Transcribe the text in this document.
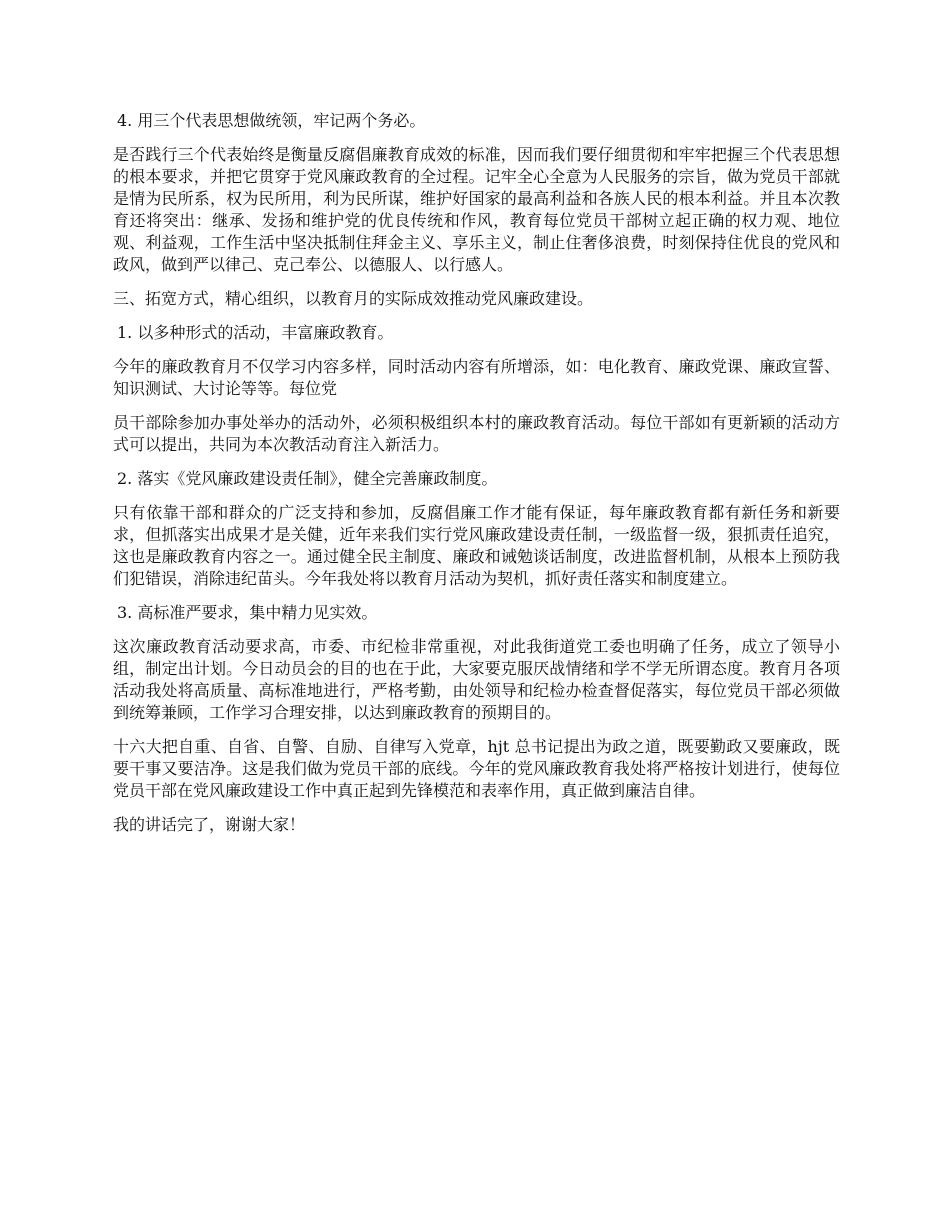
4. 用三个代表思想做统领，牢记两个务必。

是否践行三个代表始终是衡量反腐倡廉教育成效的标准，因而我们要仔细贯彻和牢牢把握三个代表思想的根本要求，并把它贯穿于党风廉政教育的全过程。记牢全心全意为人民服务的宗旨，做为党员干部就是情为民所系，权为民所用，利为民所谋，维护好国家的最高利益和各族人民的根本利益。并且本次教育还将突出：继承、发扬和维护党的优良传统和作风，教育每位党员干部树立起正确的权力观、地位观、利益观，工作生活中坚决抵制住拜金主义、享乐主义，制止住奢侈浪费，时刻保持住优良的党风和政风，做到严以律己、克己奉公、以德服人、以行感人。

三、拓宽方式，精心组织，以教育月的实际成效推动党风廉政建设。

1. 以多种形式的活动，丰富廉政教育。

今年的廉政教育月不仅学习内容多样，同时活动内容有所增添，如：电化教育、廉政党课、廉政宣誓、知识测试、大讨论等等。每位党

员干部除参加办事处举办的活动外，必须积极组织本村的廉政教育活动。每位干部如有更新颖的活动方式可以提出，共同为本次教活动育注入新活力。

2. 落实《党风廉政建设责任制》，健全完善廉政制度。

只有依靠干部和群众的广泛支持和参加，反腐倡廉工作才能有保证，每年廉政教育都有新任务和新要求，但抓落实出成果才是关健，近年来我们实行党风廉政建设责任制，一级监督一级，狠抓责任追究，这也是廉政教育内容之一。通过健全民主制度、廉政和诫勉谈话制度，改进监督机制，从根本上预防我们犯错误，消除违纪苗头。今年我处将以教育月活动为契机，抓好责任落实和制度建立。

3. 高标准严要求，集中精力见实效。

这次廉政教育活动要求高，市委、市纪检非常重视，对此我街道党工委也明确了任务，成立了领导小组，制定出计划。今日动员会的目的也在于此，大家要克服厌战情绪和学不学无所谓态度。教育月各项活动我处将高质量、高标准地进行，严格考勤，由处领导和纪检办检查督促落实，每位党员干部必须做到统筹兼顾，工作学习合理安排，以达到廉政教育的预期目的。

十六大把自重、自省、自警、自励、自律写入党章，hjt 总书记提出为政之道，既要勤政又要廉政，既要干事又要洁净。这是我们做为党员干部的底线。今年的党风廉政教育我处将严格按计划进行，使每位党员干部在党风廉政建设工作中真正起到先锋模范和表率作用，真正做到廉洁自律。

我的讲话完了，谢谢大家！
